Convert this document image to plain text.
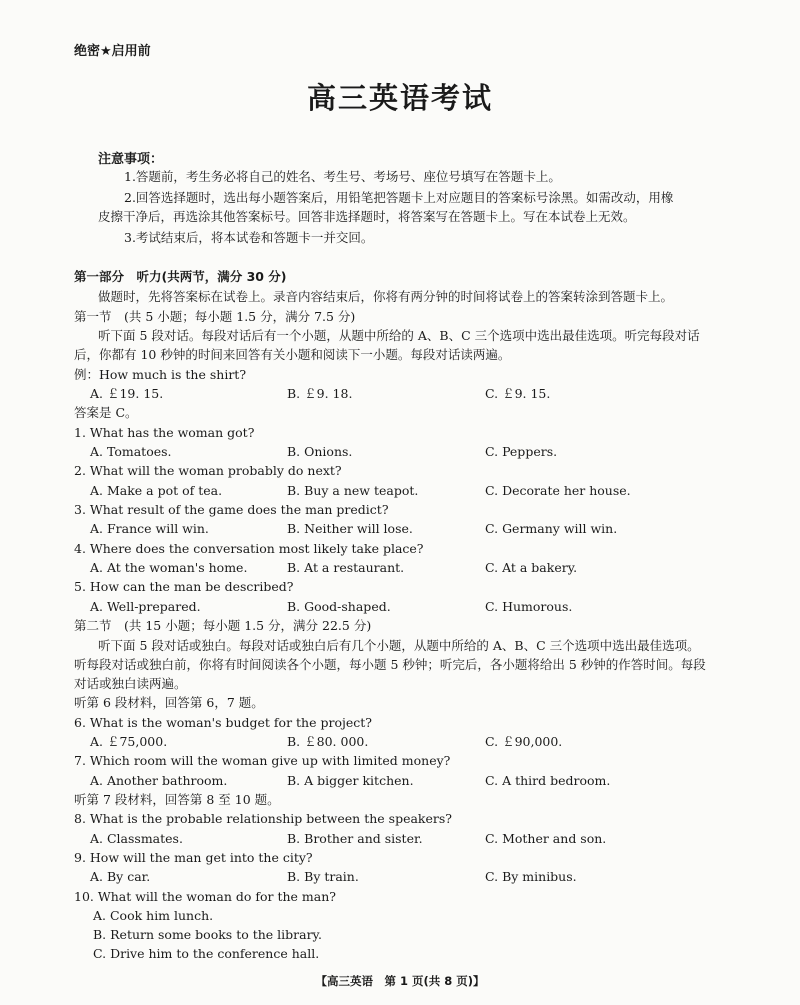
绝密★启用前
高三英语考试
注意事项：
1.答题前，考生务必将自己的姓名、考生号、考场号、座位号填写在答题卡上。
2.回答选择题时，选出每小题答案后，用铅笔把答题卡上对应题目的答案标号涂黑。如需改动，用橡
皮擦干净后，再选涂其他答案标号。回答非选择题时，将答案写在答题卡上。写在本试卷上无效。
3.考试结束后，将本试卷和答题卡一并交回。
第一部分　听力(共两节，满分 30 分)
做题时，先将答案标在试卷上。录音内容结束后，你将有两分钟的时间将试卷上的答案转涂到答题卡上。
第一节　(共 5 小题；每小题 1.5 分，满分 7.5 分)
听下面 5 段对话。每段对话后有一个小题，从题中所给的 A、B、C 三个选项中选出最佳选项。听完每段对话
后，你都有 10 秒钟的时间来回答有关小题和阅读下一小题。每段对话读两遍。
例：How much is the shirt?
A. ￡19. 15.	B. ￡9. 18.	C. ￡9. 15.
答案是 C。
1. What has the woman got?
A. Tomatoes.	B. Onions.	C. Peppers.
2. What will the woman probably do next?
A. Make a pot of tea.	B. Buy a new teapot.	C. Decorate her house.
3. What result of the game does the man predict?
A. France will win.	B. Neither will lose.	C. Germany will win.
4. Where does the conversation most likely take place?
A. At the woman's home.	B. At a restaurant.	C. At a bakery.
5. How can the man be described?
A. Well-prepared.	B. Good-shaped.	C. Humorous.
第二节　(共 15 小题；每小题 1.5 分，满分 22.5 分)
听下面 5 段对话或独白。每段对话或独白后有几个小题，从题中所给的 A、B、C 三个选项中选出最佳选项。
听每段对话或独白前，你将有时间阅读各个小题，每小题 5 秒钟；听完后，各小题将给出 5 秒钟的作答时间。每段
对话或独白读两遍。
听第 6 段材料，回答第 6，7 题。
6. What is the woman's budget for the project?
A. ￡75,000.	B. ￡80. 000.	C. ￡90,000.
7. Which room will the woman give up with limited money?
A. Another bathroom.	B. A bigger kitchen.	C. A third bedroom.
听第 7 段材料，回答第 8 至 10 题。
8. What is the probable relationship between the speakers?
A. Classmates.	B. Brother and sister.	C. Mother and son.
9. How will the man get into the city?
A. By car.	B. By train.	C. By minibus.
10. What will the woman do for the man?
A. Cook him lunch.
B. Return some books to the library.
C. Drive him to the conference hall.
【高三英语　第 1 页(共 8 页)】
